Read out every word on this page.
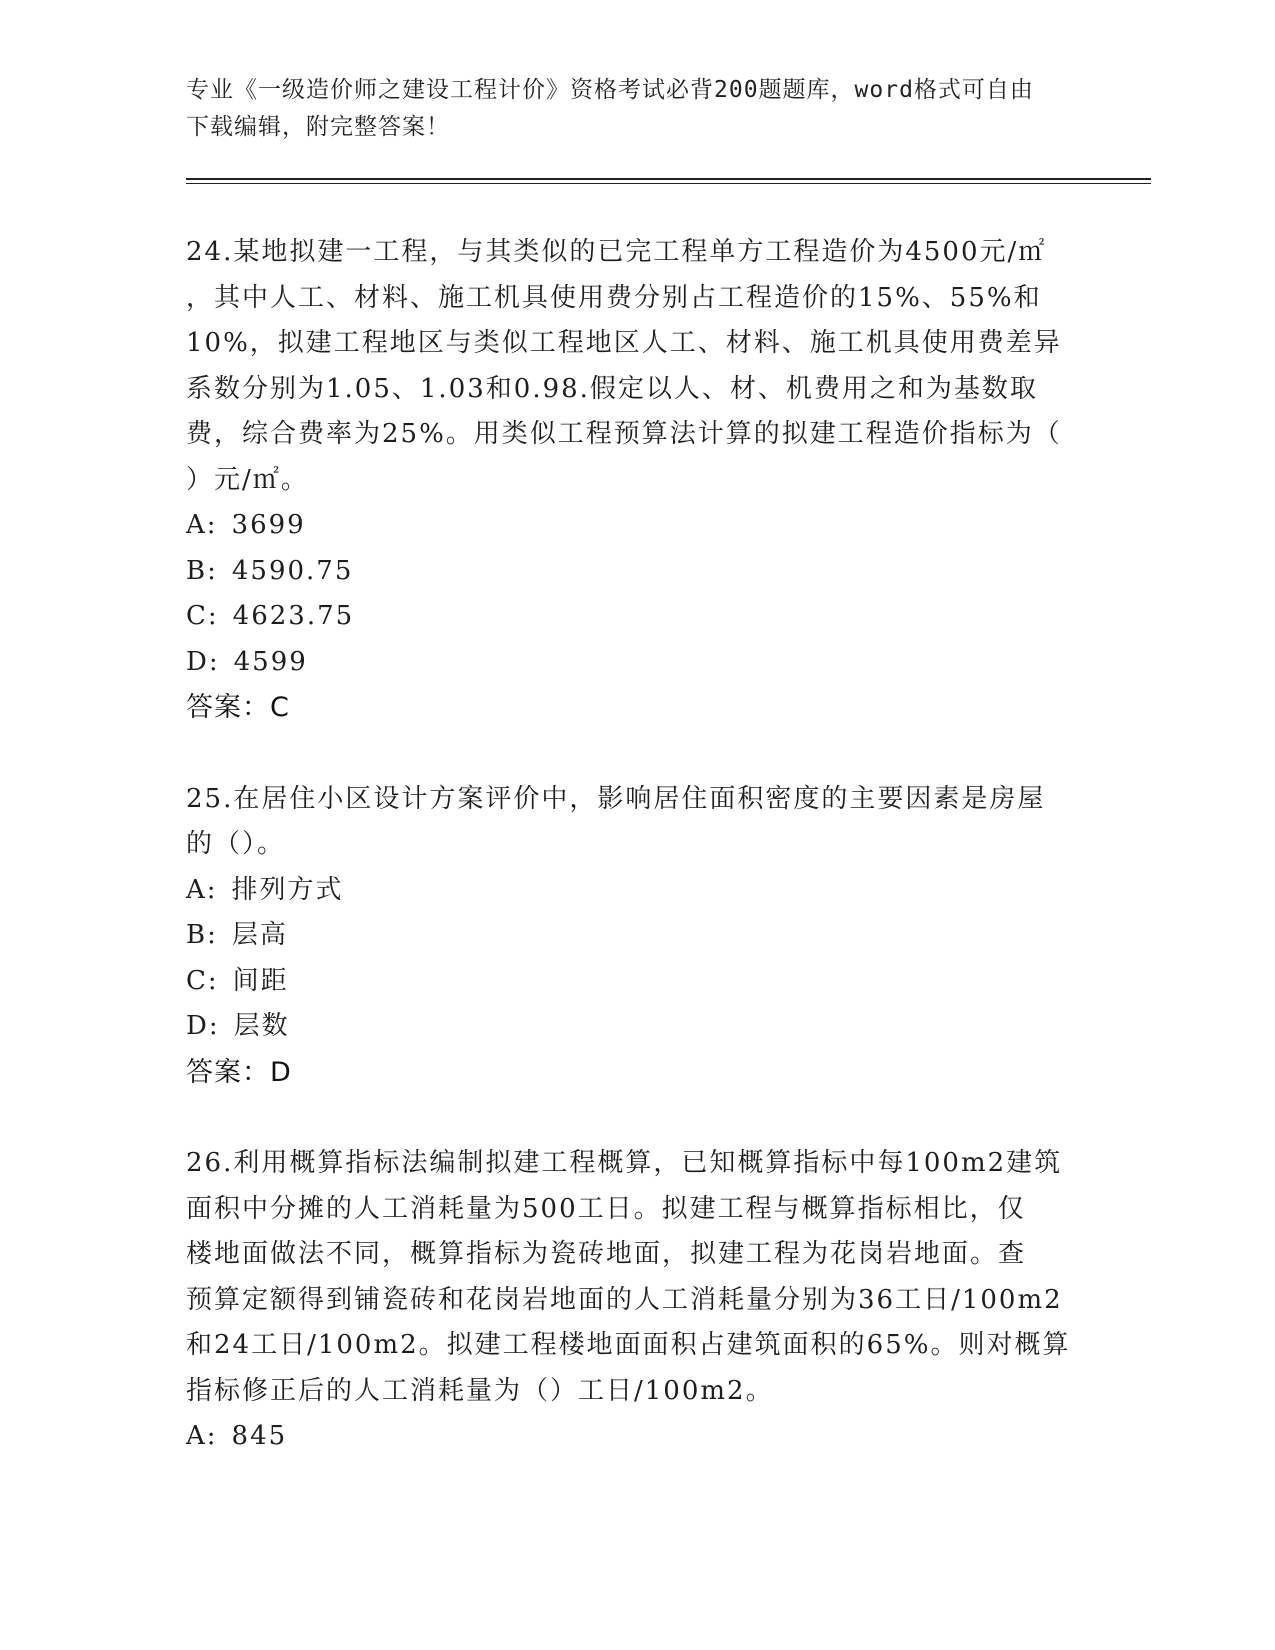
专业《一级造价师之建设工程计价》资格考试必背200题题库，word格式可自由

下载编辑，附完整答案！

24.某地拟建一工程，与其类似的已完工程单方工程造价为4500元/㎡
，其中人工、材料、施工机具使用费分别占工程造价的15%、55%和
10%，拟建工程地区与类似工程地区人工、材料、施工机具使用费差异
系数分别为1.05、1.03和0.98.假定以人、材、机费用之和为基数取
费，综合费率为25%。用类似工程预算法计算的拟建工程造价指标为（
）元/㎡。

A: 3699
B: 4590.75
C: 4623.75
D: 4599
答案：C

25.在居住小区设计方案评价中，影响居住面积密度的主要因素是房屋
的（）。

A: 排列方式
B: 层高
C: 间距
D: 层数
答案：D

26.利用概算指标法编制拟建工程概算，已知概算指标中每100m2建筑
面积中分摊的人工消耗量为500工日。拟建工程与概算指标相比，仅
楼地面做法不同，概算指标为瓷砖地面，拟建工程为花岗岩地面。查
预算定额得到铺瓷砖和花岗岩地面的人工消耗量分别为36工日/100m2
和24工日/100m2。拟建工程楼地面面积占建筑面积的65%。则对概算
指标修正后的人工消耗量为（）工日/100m2。

A: 845
